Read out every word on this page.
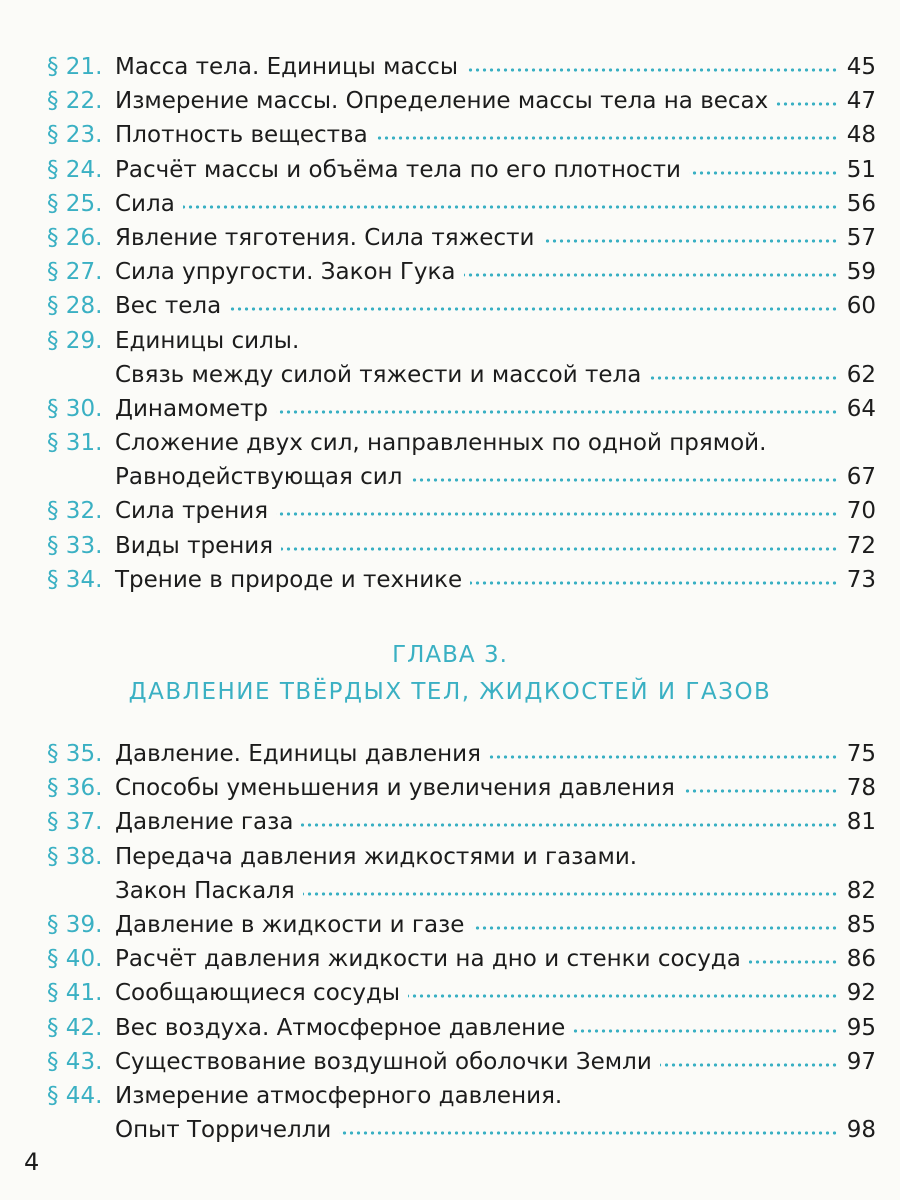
§ 21. Масса тела. Единицы массы	45
§ 22. Измерение массы. Определение массы тела на весах	47
§ 23. Плотность вещества	48
§ 24. Расчёт массы и объёма тела по его плотности	51
§ 25. Сила	56
§ 26. Явление тяготения. Сила тяжести	57
§ 27. Сила упругости. Закон Гука	59
§ 28. Вес тела	60
§ 29. Единицы силы.
Связь между силой тяжести и массой тела	62
§ 30. Динамометр	64
§ 31. Сложение двух сил, направленных по одной прямой.
Равнодействующая сил	67
§ 32. Сила трения	70
§ 33. Виды трения	72
§ 34. Трение в природе и технике	73
ГЛАВА 3.
ДАВЛЕНИЕ ТВЁРДЫХ ТЕЛ, ЖИДКОСТЕЙ И ГАЗОВ
§ 35. Давление. Единицы давления	75
§ 36. Способы уменьшения и увеличения давления	78
§ 37. Давление газа	81
§ 38. Передача давления жидкостями и газами.
Закон Паскаля	82
§ 39. Давление в жидкости и газе	85
§ 40. Расчёт давления жидкости на дно и стенки сосуда	86
§ 41. Сообщающиеся сосуды	92
§ 42. Вес воздуха. Атмосферное давление	95
§ 43. Существование воздушной оболочки Земли	97
§ 44. Измерение атмосферного давления.
Опыт Торричелли	98
4
